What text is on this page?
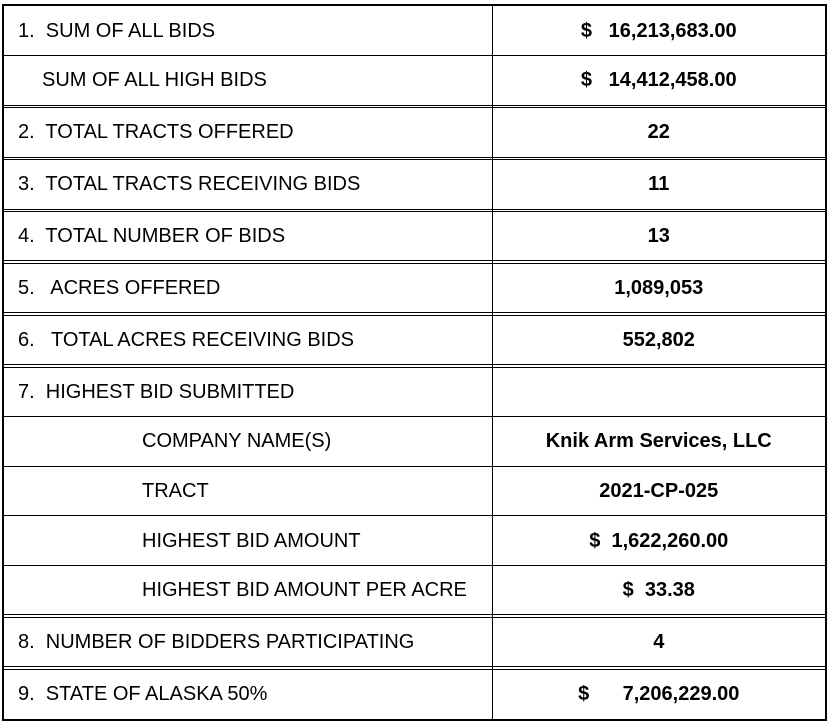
1.  SUM OF ALL BIDS	$   16,213,683.00
SUM OF ALL HIGH BIDS	$   14,412,458.00

2.  TOTAL TRACTS OFFERED	22

3.  TOTAL TRACTS RECEIVING BIDS	11

4.  TOTAL NUMBER OF BIDS	13

5.   ACRES OFFERED	1,089,053

6.   TOTAL ACRES RECEIVING BIDS	552,802

7.  HIGHEST BID SUBMITTED	
COMPANY NAME(S)	Knik Arm Services, LLC
TRACT	2021-CP-025
HIGHEST BID AMOUNT	$  1,622,260.00
HIGHEST BID AMOUNT PER ACRE	$  33.38

8.  NUMBER OF BIDDERS PARTICIPATING	4

9.  STATE OF ALASKA 50%	$      7,206,229.00
